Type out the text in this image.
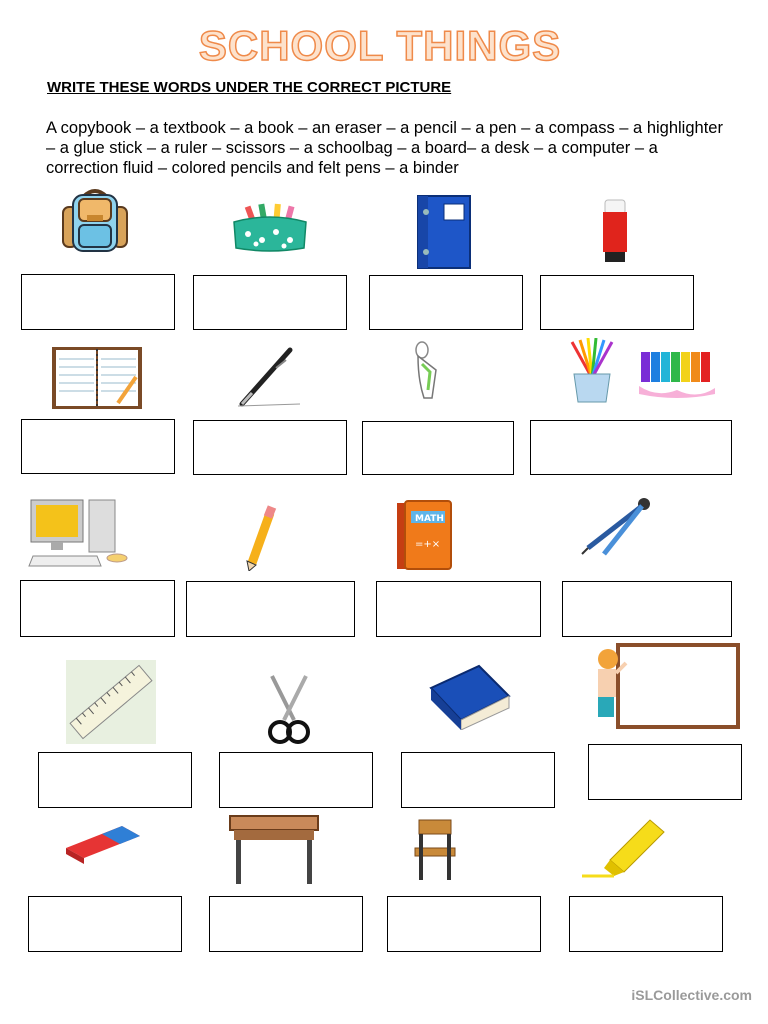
SCHOOL THINGS
WRITE THESE WORDS UNDER THE CORRECT PICTURE
A copybook – a textbook – a book – an eraser – a pencil – a pen – a compass – a highlighter – a glue stick – a ruler – scissors – a schoolbag – a board– a desk – a computer – a correction fluid – colored pencils and felt pens – a binder
MATH
=+×
iSLCollective.com
